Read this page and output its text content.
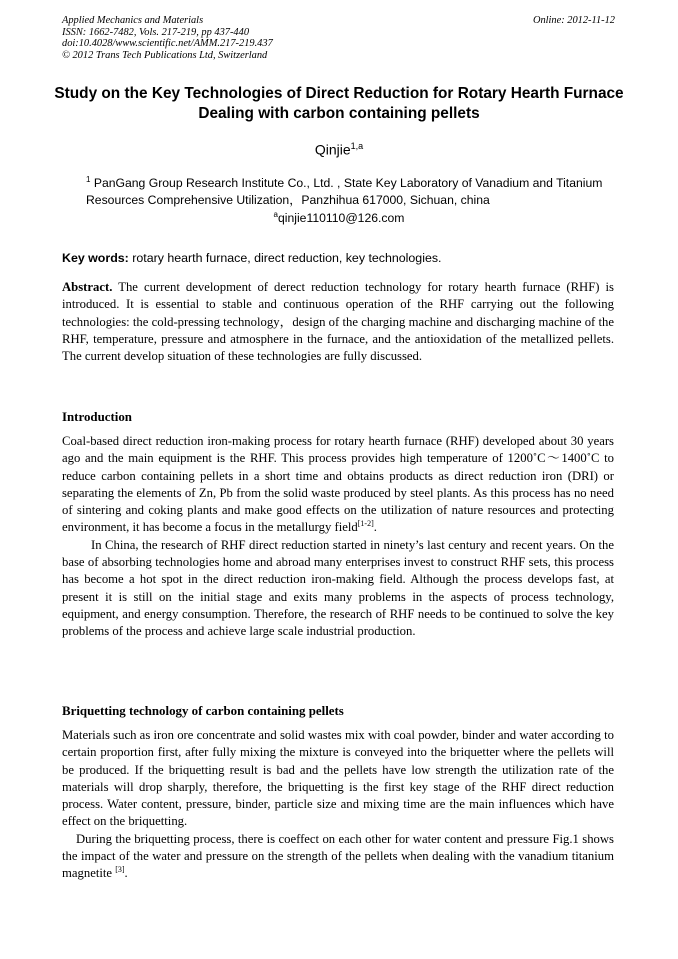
Applied Mechanics and Materials
ISSN: 1662-7482, Vols. 217-219, pp 437-440
doi:10.4028/www.scientific.net/AMM.217-219.437
© 2012 Trans Tech Publications Ltd, Switzerland
Online: 2012-11-12
Study on the Key Technologies of Direct Reduction for Rotary Hearth Furnace Dealing with carbon containing pellets
Qinjie$^{1,a}$
$^1$ PanGang Group Research Institute Co., Ltd. , State Key Laboratory of Vanadium and Titanium Resources Comprehensive Utilization，Panzhihua 617000, Sichuan, china
$^a$qinjie110110@126.com
Key words: rotary hearth furnace, direct reduction, key technologies.

Abstract. The current development of derect reduction technology for rotary hearth furnace (RHF) is introduced. It is essential to stable and continuous operation of the RHF carrying out the following technologies: the cold-pressing technology，design of the charging machine and discharging machine of the RHF, temperature, pressure and atmosphere in the furnace, and the antioxidation of the metallized pellets. The current develop situation of these technologies are fully discussed.

Introduction

Coal-based direct reduction iron-making process for rotary hearth furnace (RHF) developed about 30 years ago and the main equipment is the RHF. This process provides high temperature of 1200˚C～1400˚C to reduce carbon containing pellets in a short time and obtains products as direct reduction iron (DRI) or separating the elements of Zn, Pb from the solid waste produced by steel plants. As this process has no need of sintering and coking plants and make good effects on the utilization of nature resources and protecting environment, it has become a focus in the metallurgy field[1-2].

In China, the research of RHF direct reduction started in ninety’s last century and recent years. On the base of absorbing technologies home and abroad many enterprises invest to construct RHF sets, this process has become a hot spot in the direct reduction iron-making field. Although the process develops fast, at present it is still on the initial stage and exits many problems in the aspects of process technology, equipment, and energy consumption. Therefore, the research of RHF needs to be continued to solve the key problems of the process and achieve large scale industrial production.

Briquetting technology of carbon containing pellets

Materials such as iron ore concentrate and solid wastes mix with coal powder, binder and water according to certain proportion first, after fully mixing the mixture is conveyed into the briquetter where the pellets will be produced. If the briquetting result is bad and the pellets have low strength the utilization rate of the materials will drop sharply, therefore, the briquetting is the first key stage of the RHF direct reduction process. Water content, pressure, binder, particle size and mixing time are the main influences which have effect on the briquetting.

During the briquetting process, there is coeffect on each other for water content and pressure Fig.1 shows the impact of the water and pressure on the strength of the pellets when dealing with the vanadium titanium magnetite [3].
